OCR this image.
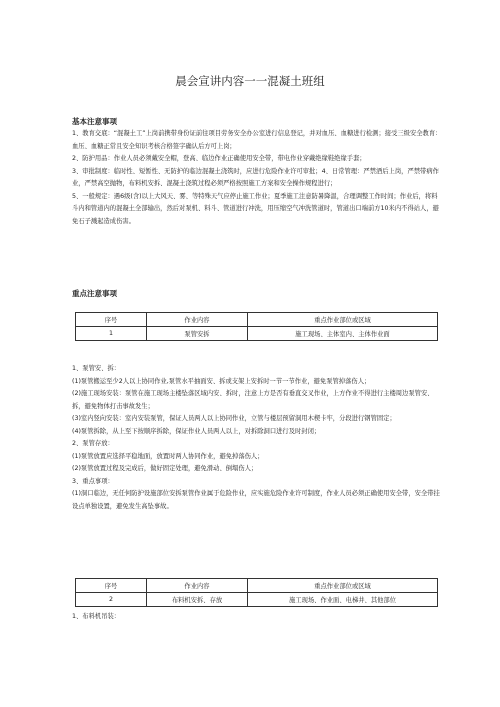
晨会宣讲内容一一混凝土班组
基本注意事项

1、教育交底：“混凝土工”上岗前携带身份证前往项目劳务安全办公室进行信息登记，并对血压、血糖进行检测；接受三级安全教育：血压、血糖正常且安全知识考核合格签字确认后方可上岗；

2、防护用品：作业人员必须戴安全帽，登高、临边作业正确使用安全带，带电作业穿戴绝缘鞋绝缘手套；

3、审批制度：临时性、短暂性、无防护的临边混凝土浇筑时，应进行危险作业许可审批；4、日常管理：严禁酒后上岗，严禁带病作业，严禁高空抛物，布料机安拆、混凝土浇筑过程必须严格按照施工方案和安全操作规程进行；

5、一般规定：遇6级(含)以上大风天、雾、等特殊天气应停止施工作业；夏季施工注意防暑降温，合理调整工作时间；作业后，将料斗内和管道内的混凝土全部输出，然后对泵机、料斗、管道进行冲洗，用压缩空气冲洗管道时，管道出口端前方10米内不得站人，避免石子溅起造成伤害。

重点注意事项
序号	作业内容	重点作业部位或区域
1	泵管安拆	施工现场、主体室内、主体作业面

1、泵管安、拆：

(1)泵管搬运至少2人以上协同作业,泵管水平抽面安、拆或支架上安拆时一节一节作业，避免泵管掉落伤人；

(2)施工现场安装：泵管在施工现场主楼坠落区域内安、拆时，注意上方是否有垂直交叉作业，上方作业不得进行主楼周边泵管安、拆，避免物体打击事故发生；

(3)室内竖向安装：室内安装泵管，保证人员两人以上协同作业，立管与楼层预留洞用木楔卡牢，分段进行钢管固定；

(4)泵管拆除，从上至下按顺序拆除，保证作业人员两人以上，对拆除洞口进行及时封闭；

2、泵管存放：

(1)泵管放置应选择平稳地面，放置时两人协同作业，避免掉落伤人；

(2)泵管放置过程及完成后，做好固定处理，避免滑动、倒塌伤人；

3、重点事项：

(1)洞口临边，无任何防护设施部位安拆泵管作业属于危险作业，应实施危险作业许可制度，作业人员必须正确使用安全带，安全带挂设点单独设置，避免发生高坠事故。

序号	作业内容	重点作业部位或区域
2	布料机安拆、存放	施工现场、作业面、电梯井、其他部位
1、布料机吊装：
